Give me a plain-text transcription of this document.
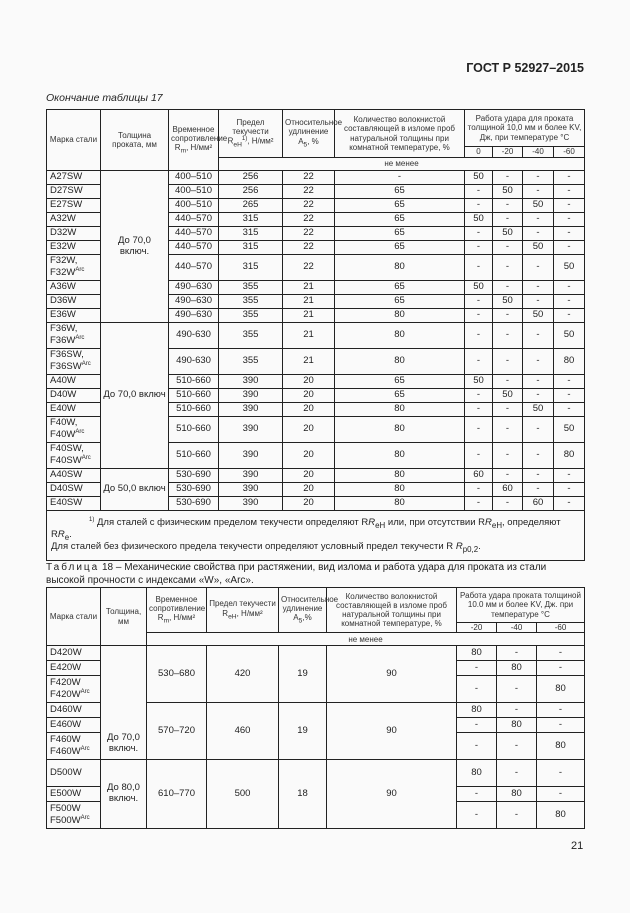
ГОСТ Р 52927–2015
Окончание таблицы 17
Марка стали	Толщина проката, мм	Временное сопротивление $R_m$, Н/мм²	Предел текучести $R_{eH}^{1)}$, Н/мм²	Относительное удлинение $A_5$, %	Количество волокнистой составляющей в изломе проб натуральной толщины при комнатной температуре, %	Работа удара для проката толщиной 10,0 мм и более KV, Дж, при температуре °С			
						0	-20	-40	-60
			не менее						
A27SW	До 70,0 включ.	400–510	256	22	-	50	-	-	-
D27SW		400–510	256	22	65	-	50	-	-
E27SW		400–510	265	22	65	-	-	50	-
A32W		440–570	315	22	65	50	-	-	-
D32W		440–570	315	22	65	-	50	-	-
E32W		440–570	315	22	65	-	-	50	-
F32W,
$F32W^{Arc}$		440–570	315	22	80	-	-	-	50
A36W		490–630	355	21	65	50	-	-	-
D36W		490–630	355	21	65	-	50	-	-
E36W		490–630	355	21	80	-	-	50	-
F36W,
$F36W^{Arc}$	До 70,0 включ	490-630	355	21	80	-	-	-	50
F36SW,
$F36SW^{Arc}$		490-630	355	21	80	-	-	-	80
A40W		510-660	390	20	65	50	-	-	-
D40W		510-660	390	20	65	-	50	-	-
E40W		510-660	390	20	80	-	-	50	-
F40W,
$F40W^{Arc}$		510-660	390	20	80	-	-	-	50
F40SW,
$F40SW^{Arc}$		510-660	390	20	80	-	-	-	80
A40SW	До 50,0 включ	530-690	390	20	80	60	-	-	-
D40SW		530-690	390	20	80	-	60	-	-
E40SW		530-690	390	20	80	-	-	60	-

$^{1)}$ Для сталей с физическим пределом текучести определяют $RR_{eH}$ или, при отсутствии $RR_{eH}$, определяют $RR_e$.

Для сталей без физического предела текучести определяют условный предел текучести R $R_{p0,2}$.									

Таблица 18 – Механические свойства при растяжении, вид излома и работа удара для проката из стали высокой прочности с индексами «W», «Arc».
Марка стали	Толщина, мм	Временное сопротивление $R_m$, Н/мм²	Предел текучести $R_{eH}$, Н/мм²	Относительное удлинение $A_5,\%$	Количество волокнистой составляющей в изломе проб натуральной толщины при комнатной температуре, %	Работа удара проката толщиной 10.0 мм и более KV, Дж. при температуре °С		
						-20	-40	-60
		не менее						
D420W	До 70,0 включ.	530–680	420	19	90	80	-	-
E420W						-	80	-
F420W
$F420W^{Arc}$						-	-	80
D460W		570–720	460	19	90	80	-	-
E460W						-	80	-
F460W
$F460W^{Arc}$						-	-	80
D500W	До 80,0 включ.	610–770	500	18	90	80	-	-
E500W						-	80	-
F500W
$F500W^{Arc}$						-	-	80
21
